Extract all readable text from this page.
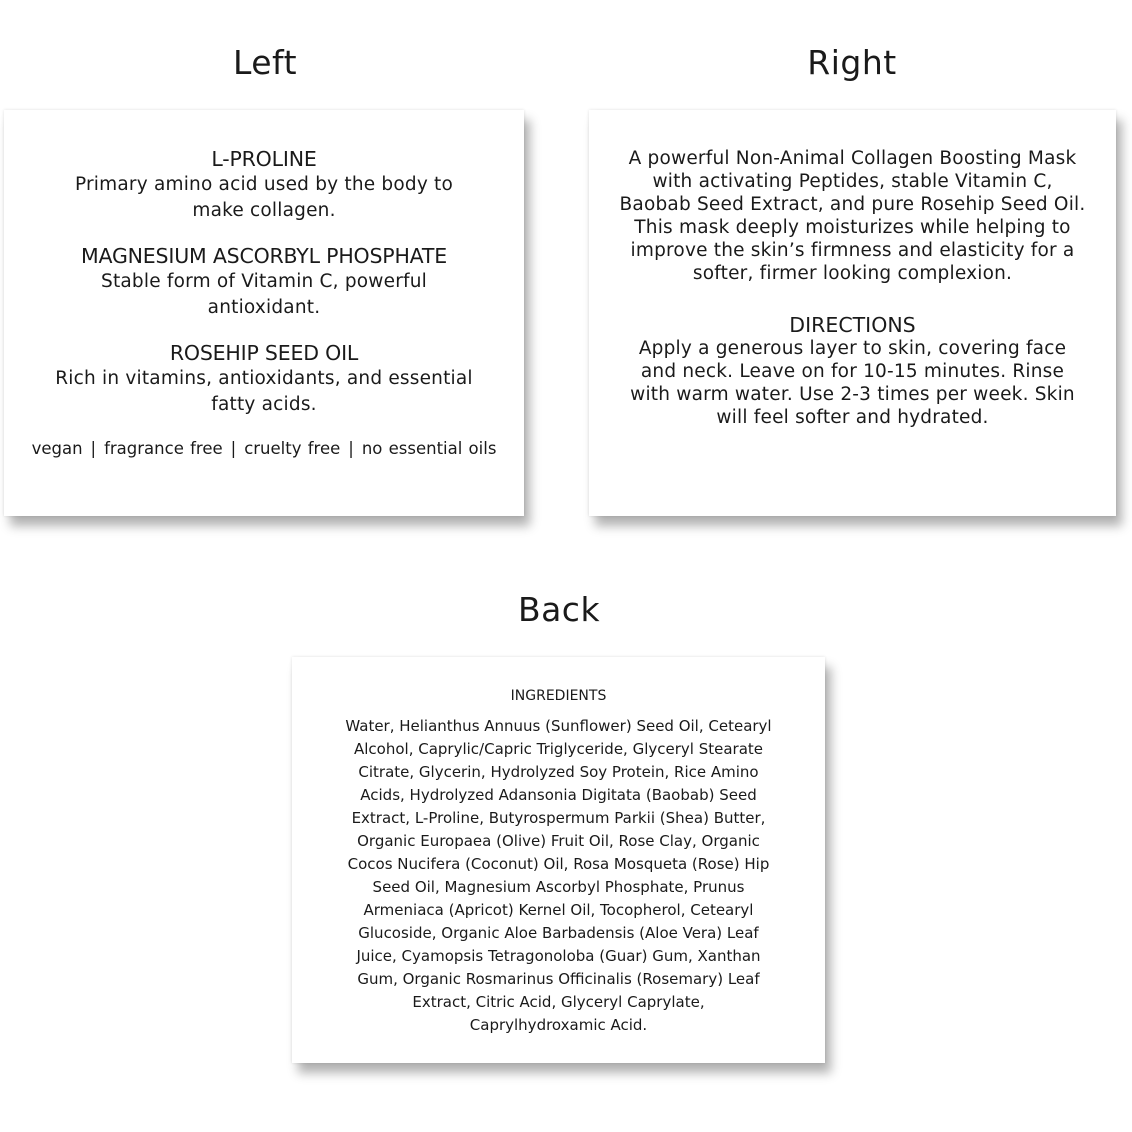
Left	Right
Back
L-PROLINE
Primary amino acid used by the body to make collagen.
MAGNESIUM ASCORBYL PHOSPHATE
Stable form of Vitamin C, powerful antioxidant.
ROSEHIP SEED OIL
Rich in vitamins, antioxidants, and essential fatty acids.
vegan | fragrance free | cruelty free | no essential oils
A powerful Non-Animal Collagen Boosting Mask with activating Peptides, stable Vitamin C, Baobab Seed Extract, and pure Rosehip Seed Oil. This mask deeply moisturizes while helping to improve the skin’s firmness and elasticity for a softer, firmer looking complexion.
DIRECTIONS
Apply a generous layer to skin, covering face and neck. Leave on for 10-15 minutes. Rinse with warm water. Use 2-3 times per week. Skin will feel softer and hydrated.
INGREDIENTS
Water, Helianthus Annuus (Sunflower) Seed Oil, Cetearyl Alcohol, Caprylic/Capric Triglyceride, Glyceryl Stearate Citrate, Glycerin, Hydrolyzed Soy Protein, Rice Amino Acids, Hydrolyzed Adansonia Digitata (Baobab) Seed Extract, L-Proline, Butyrospermum Parkii (Shea) Butter, Organic Europaea (Olive) Fruit Oil, Rose Clay, Organic Cocos Nucifera (Coconut) Oil, Rosa Mosqueta (Rose) Hip Seed Oil, Magnesium Ascorbyl Phosphate, Prunus Armeniaca (Apricot) Kernel Oil, Tocopherol, Cetearyl Glucoside, Organic Aloe Barbadensis (Aloe Vera) Leaf Juice, Cyamopsis Tetragonoloba (Guar) Gum, Xanthan Gum, Organic Rosmarinus Officinalis (Rosemary) Leaf Extract, Citric Acid, Glyceryl Caprylate, Caprylhydroxamic Acid.
